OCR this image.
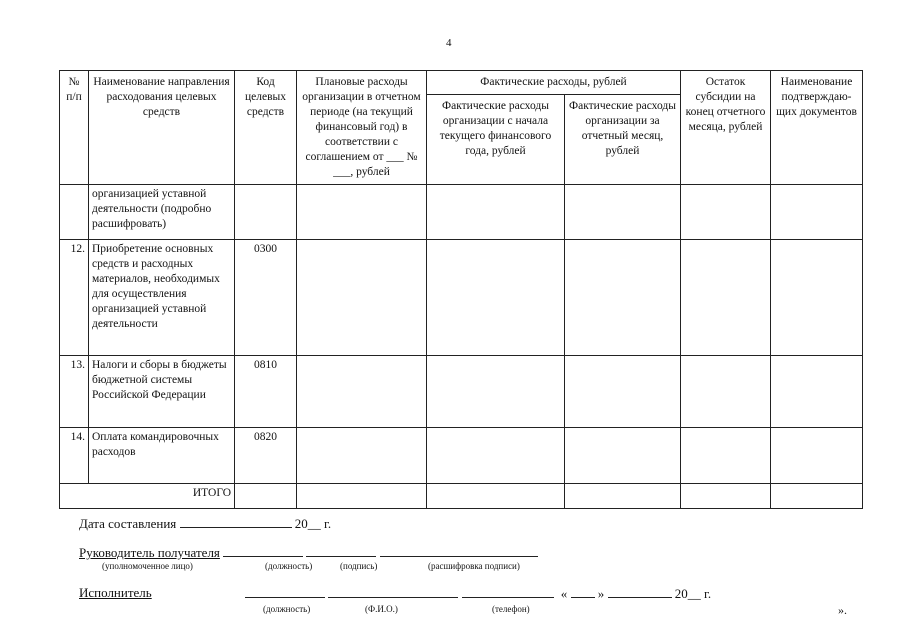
4
№ п/п	Наименование направления расходования целевых средств	Код целевых средств	Плановые расходы организации в отчетном периоде (на текущий финансовый год) в соответствии с соглашением от ___ № ___, рублей	Фактические расходы, рублей		Остаток субсидии на конец отчетного месяца, рублей	Наименование подтверждаю-щих документов
				Фактические расходы организации с начала текущего финансового года, рублей	Фактические расходы организации за отчетный месяц, рублей		
	организацией уставной деятельности (подробно расшифровать)						
12.	Приобретение основных средств и расходных материалов, необходимых для осуществления организацией уставной деятельности	0300					
13.	Налоги и сборы в бюджеты бюджетной системы Российской Федерации	0810					
14.	Оплата командировочных расходов	0820					
ИТОГО							
Дата составления	20__ г.
Руководитель получателя
(уполномоченное лицо)	(должность)	(подпись)	(расшифровка подписи)
Исполнитель	« »	20__ г.
(должность)	(Ф.И.О.)	(телефон)	».
